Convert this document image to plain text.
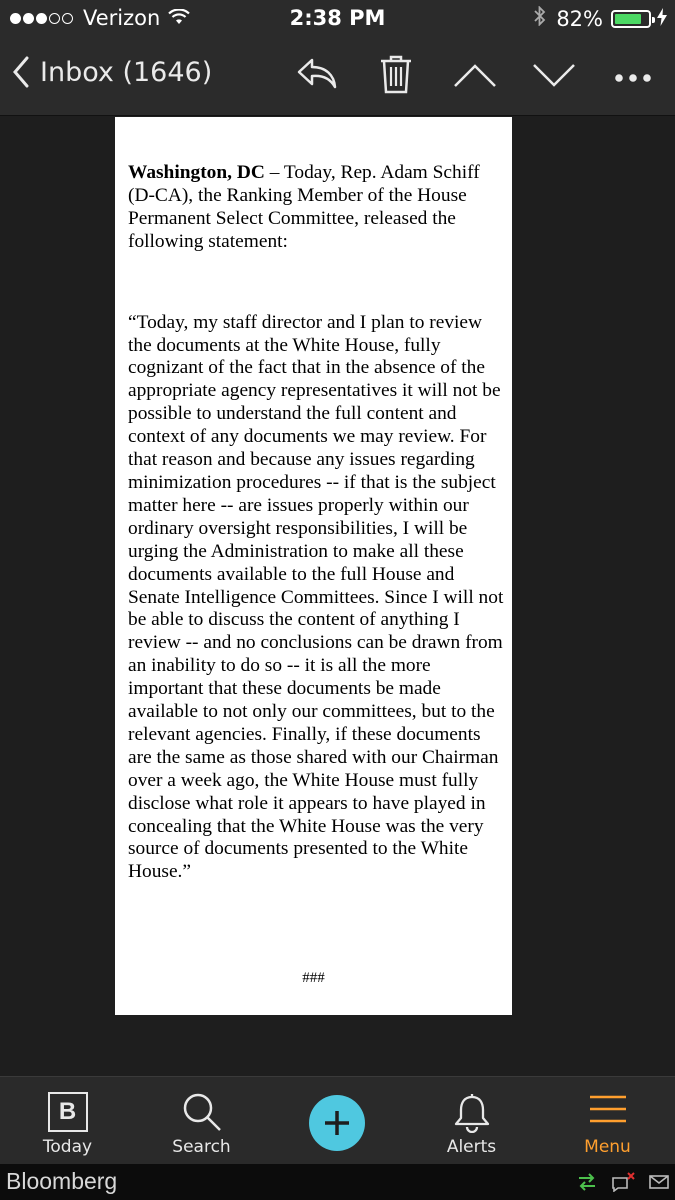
Verizon	2:38 PM	82%
Inbox (1646)

Washington, DC – Today, Rep. Adam Schiff (D-CA), the Ranking Member of the House Permanent Select Committee, released the following statement:

“Today, my staff director and I plan to review the documents at the White House, fully cognizant of the fact that in the absence of the appropriate agency representatives it will not be possible to understand the full content and context of any documents we may review. For that reason and because any issues regarding minimization procedures -- if that is the subject matter here -- are issues properly within our ordinary oversight responsibilities, I will be urging the Administration to make all these documents available to the full House and Senate Intelligence Committees. Since I will not be able to discuss the content of anything I review -- and no conclusions can be drawn from an inability to do so -- it is all the more important that these documents be made available to not only our committees, but to the relevant agencies. Finally, if these documents are the same as those shared with our Chairman over a week ago, the White House must fully disclose what role it appears to have played in concealing that the White House was the very source of documents presented to the White House.”

###
B
Today	Search	Alerts	Menu
Bloomberg
